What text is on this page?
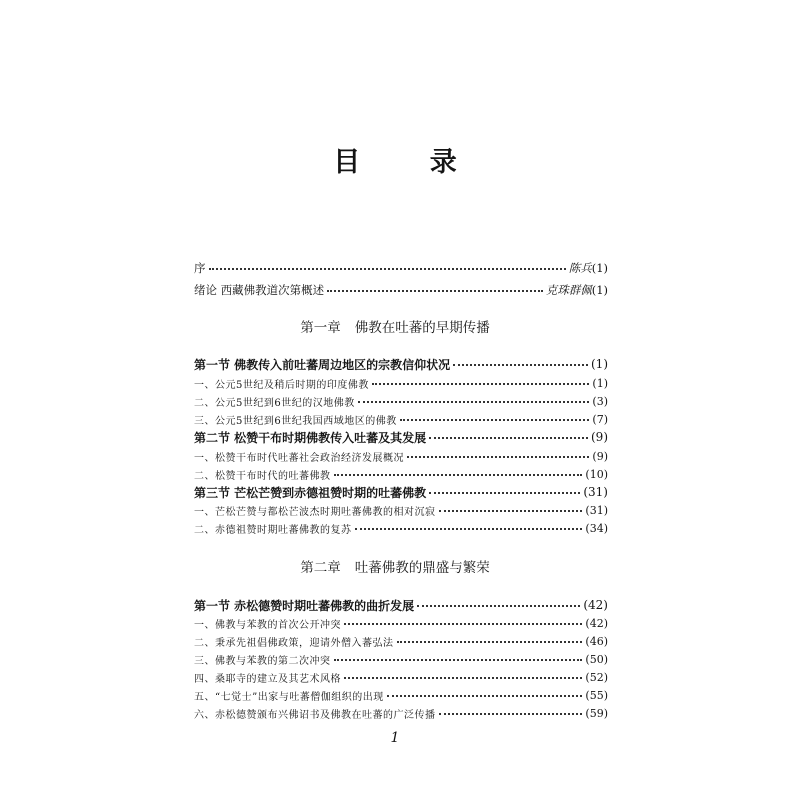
目 录
序	陈兵 (1)
绪论 西藏佛教道次第概述	克珠群佩 (1)
第一节 佛教传入前吐蕃周边地区的宗教信仰状况	(1)
一、公元5世纪及稍后时期的印度佛教	(1)
二、公元5世纪到6世纪的汉地佛教	(3)
三、公元5世纪到6世纪我国西域地区的佛教	(7)
第二节 松赞干布时期佛教传入吐蕃及其发展	(9)
一、松赞干布时代吐蕃社会政治经济发展概况	(9)
二、松赞干布时代的吐蕃佛教	(10)
第三节 芒松芒赞到赤德祖赞时期的吐蕃佛教	(31)
一、芒松芒赞与都松芒波杰时期吐蕃佛教的相对沉寂	(31)
二、赤德祖赞时期吐蕃佛教的复苏	(34)
第一节 赤松德赞时期吐蕃佛教的曲折发展	(42)
一、佛教与苯教的首次公开冲突	(42)
二、秉承先祖倡佛政策，迎请外僧入蕃弘法	(46)
三、佛教与苯教的第二次冲突	(50)
四、桑耶寺的建立及其艺术风格	(52)
五、“七觉士”出家与吐蕃僧伽组织的出现	(55)
六、赤松德赞颁布兴佛诏书及佛教在吐蕃的广泛传播	(59)
第一章 佛教在吐蕃的早期传播
第二章 吐蕃佛教的鼎盛与繁荣
1
